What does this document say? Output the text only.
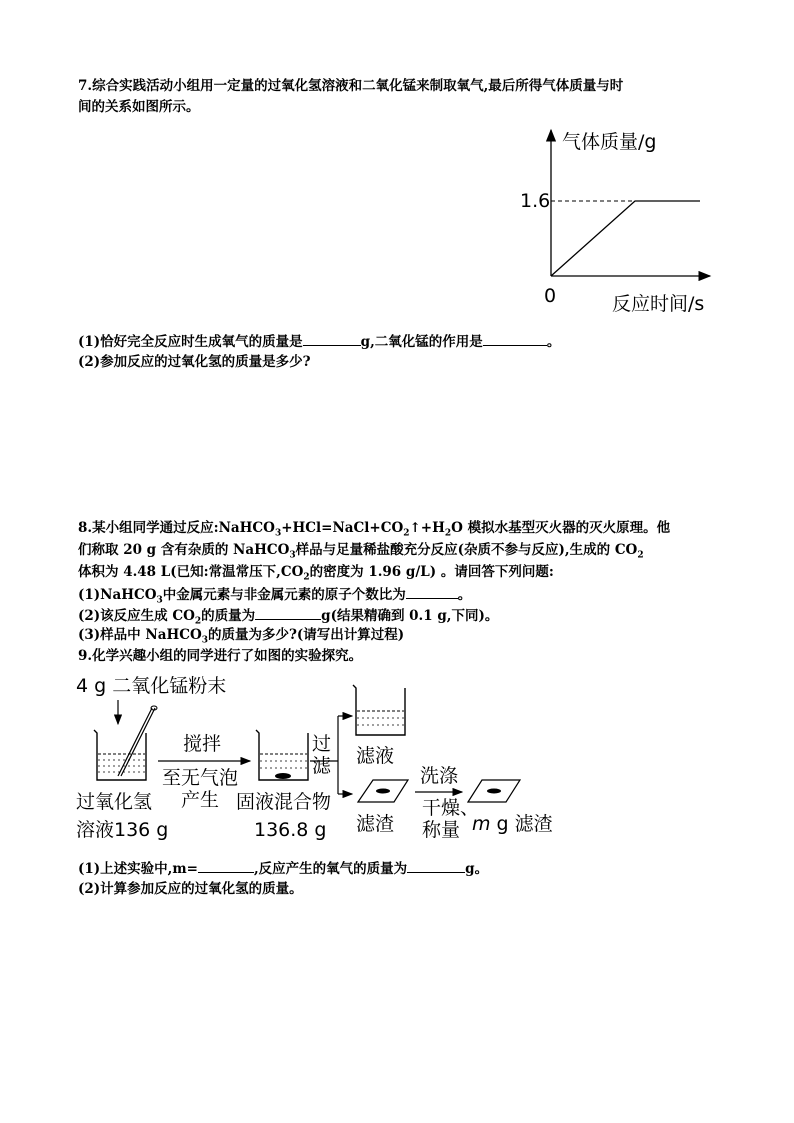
7.综合实践活动小组用一定量的过氧化氢溶液和二氧化锰来制取氧气,最后所得气体质量与时
间的关系如图所示。
气体质量/g
1.6
0	反应时间/s
(1)恰好完全反应时生成氧气的质量是	g,二氧化锰的作用是	。
(2)参加反应的过氧化氢的质量是多少?
8.某小组同学通过反应$:NaHCO_3+HCl=NaCl+CO_2↑+H_2O$ 模拟水基型灭火器的灭火原理。他
们称取 20 g 含有杂质的 NaHCO$_3$样品与足量稀盐酸充分反应(杂质不参与反应),生成的 $CO_2$
体积为 4.48 L(已知:常温常压下$,CO_2$的密度为 1.96 g/L) 。请回答下列问题:
(1)NaHCO$_3$中金属元素与非金属元素的原子个数比为	。
(2)该反应生成 $CO_2$的质量为	g(结果精确到 0.1 g,下同)。
(3)样品中 NaHCO$_3$的质量为多少?(请写出计算过程)
9.化学兴趣小组的同学进行了如图的实验探究。
4 g 二氧化锰粉末
过氧化氢
溶液136 g
搅拌
至无气泡
产生 固液混合物
136.8 g
过
滤 滤液
滤渣
洗涤
干燥、
称量 m g 滤渣
(1)上述实验中,m=	,反应产生的氧气的质量为	g。
(2)计算参加反应的过氧化氢的质量。
